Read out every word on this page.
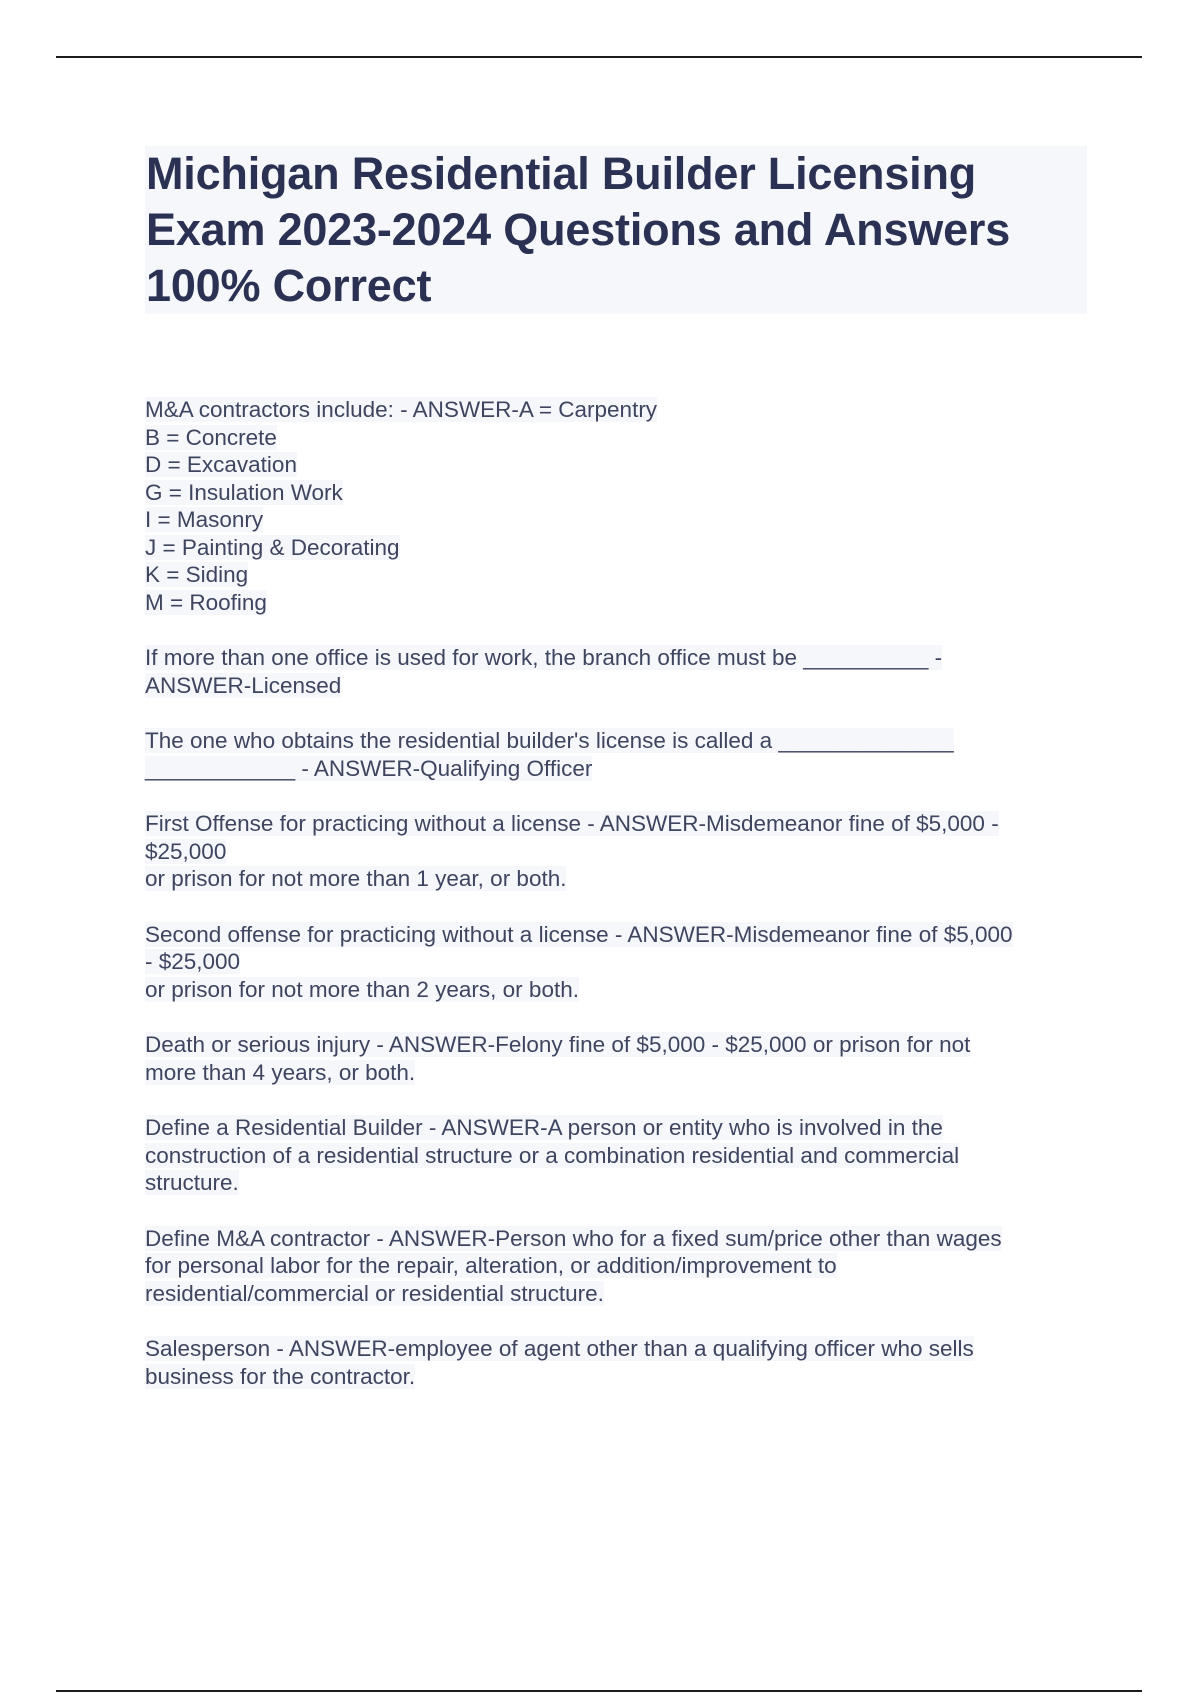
Michigan Residential Builder Licensing Exam 2023-2024 Questions and Answers 100% Correct
M&A contractors include: - ANSWER-A = Carpentry
B = Concrete
D = Excavation
G = Insulation Work
I = Masonry
J = Painting & Decorating
K = Siding
M = Roofing
If more than one office is used for work, the branch office must be __________ -
ANSWER-Licensed
The one who obtains the residential builder's license is called a ______________
____________ - ANSWER-Qualifying Officer
First Offense for practicing without a license - ANSWER-Misdemeanor fine of $5,000 -
$25,000
or prison for not more than 1 year, or both.
Second offense for practicing without a license - ANSWER-Misdemeanor fine of $5,000
- $25,000
or prison for not more than 2 years, or both.
Death or serious injury - ANSWER-Felony fine of $5,000 - $25,000 or prison for not
more than 4 years, or both.
Define a Residential Builder - ANSWER-A person or entity who is involved in the
construction of a residential structure or a combination residential and commercial
structure.
Define M&A contractor - ANSWER-Person who for a fixed sum/price other than wages
for personal labor for the repair, alteration, or addition/improvement to
residential/commercial or residential structure.
Salesperson - ANSWER-employee of agent other than a qualifying officer who sells
business for the contractor.
